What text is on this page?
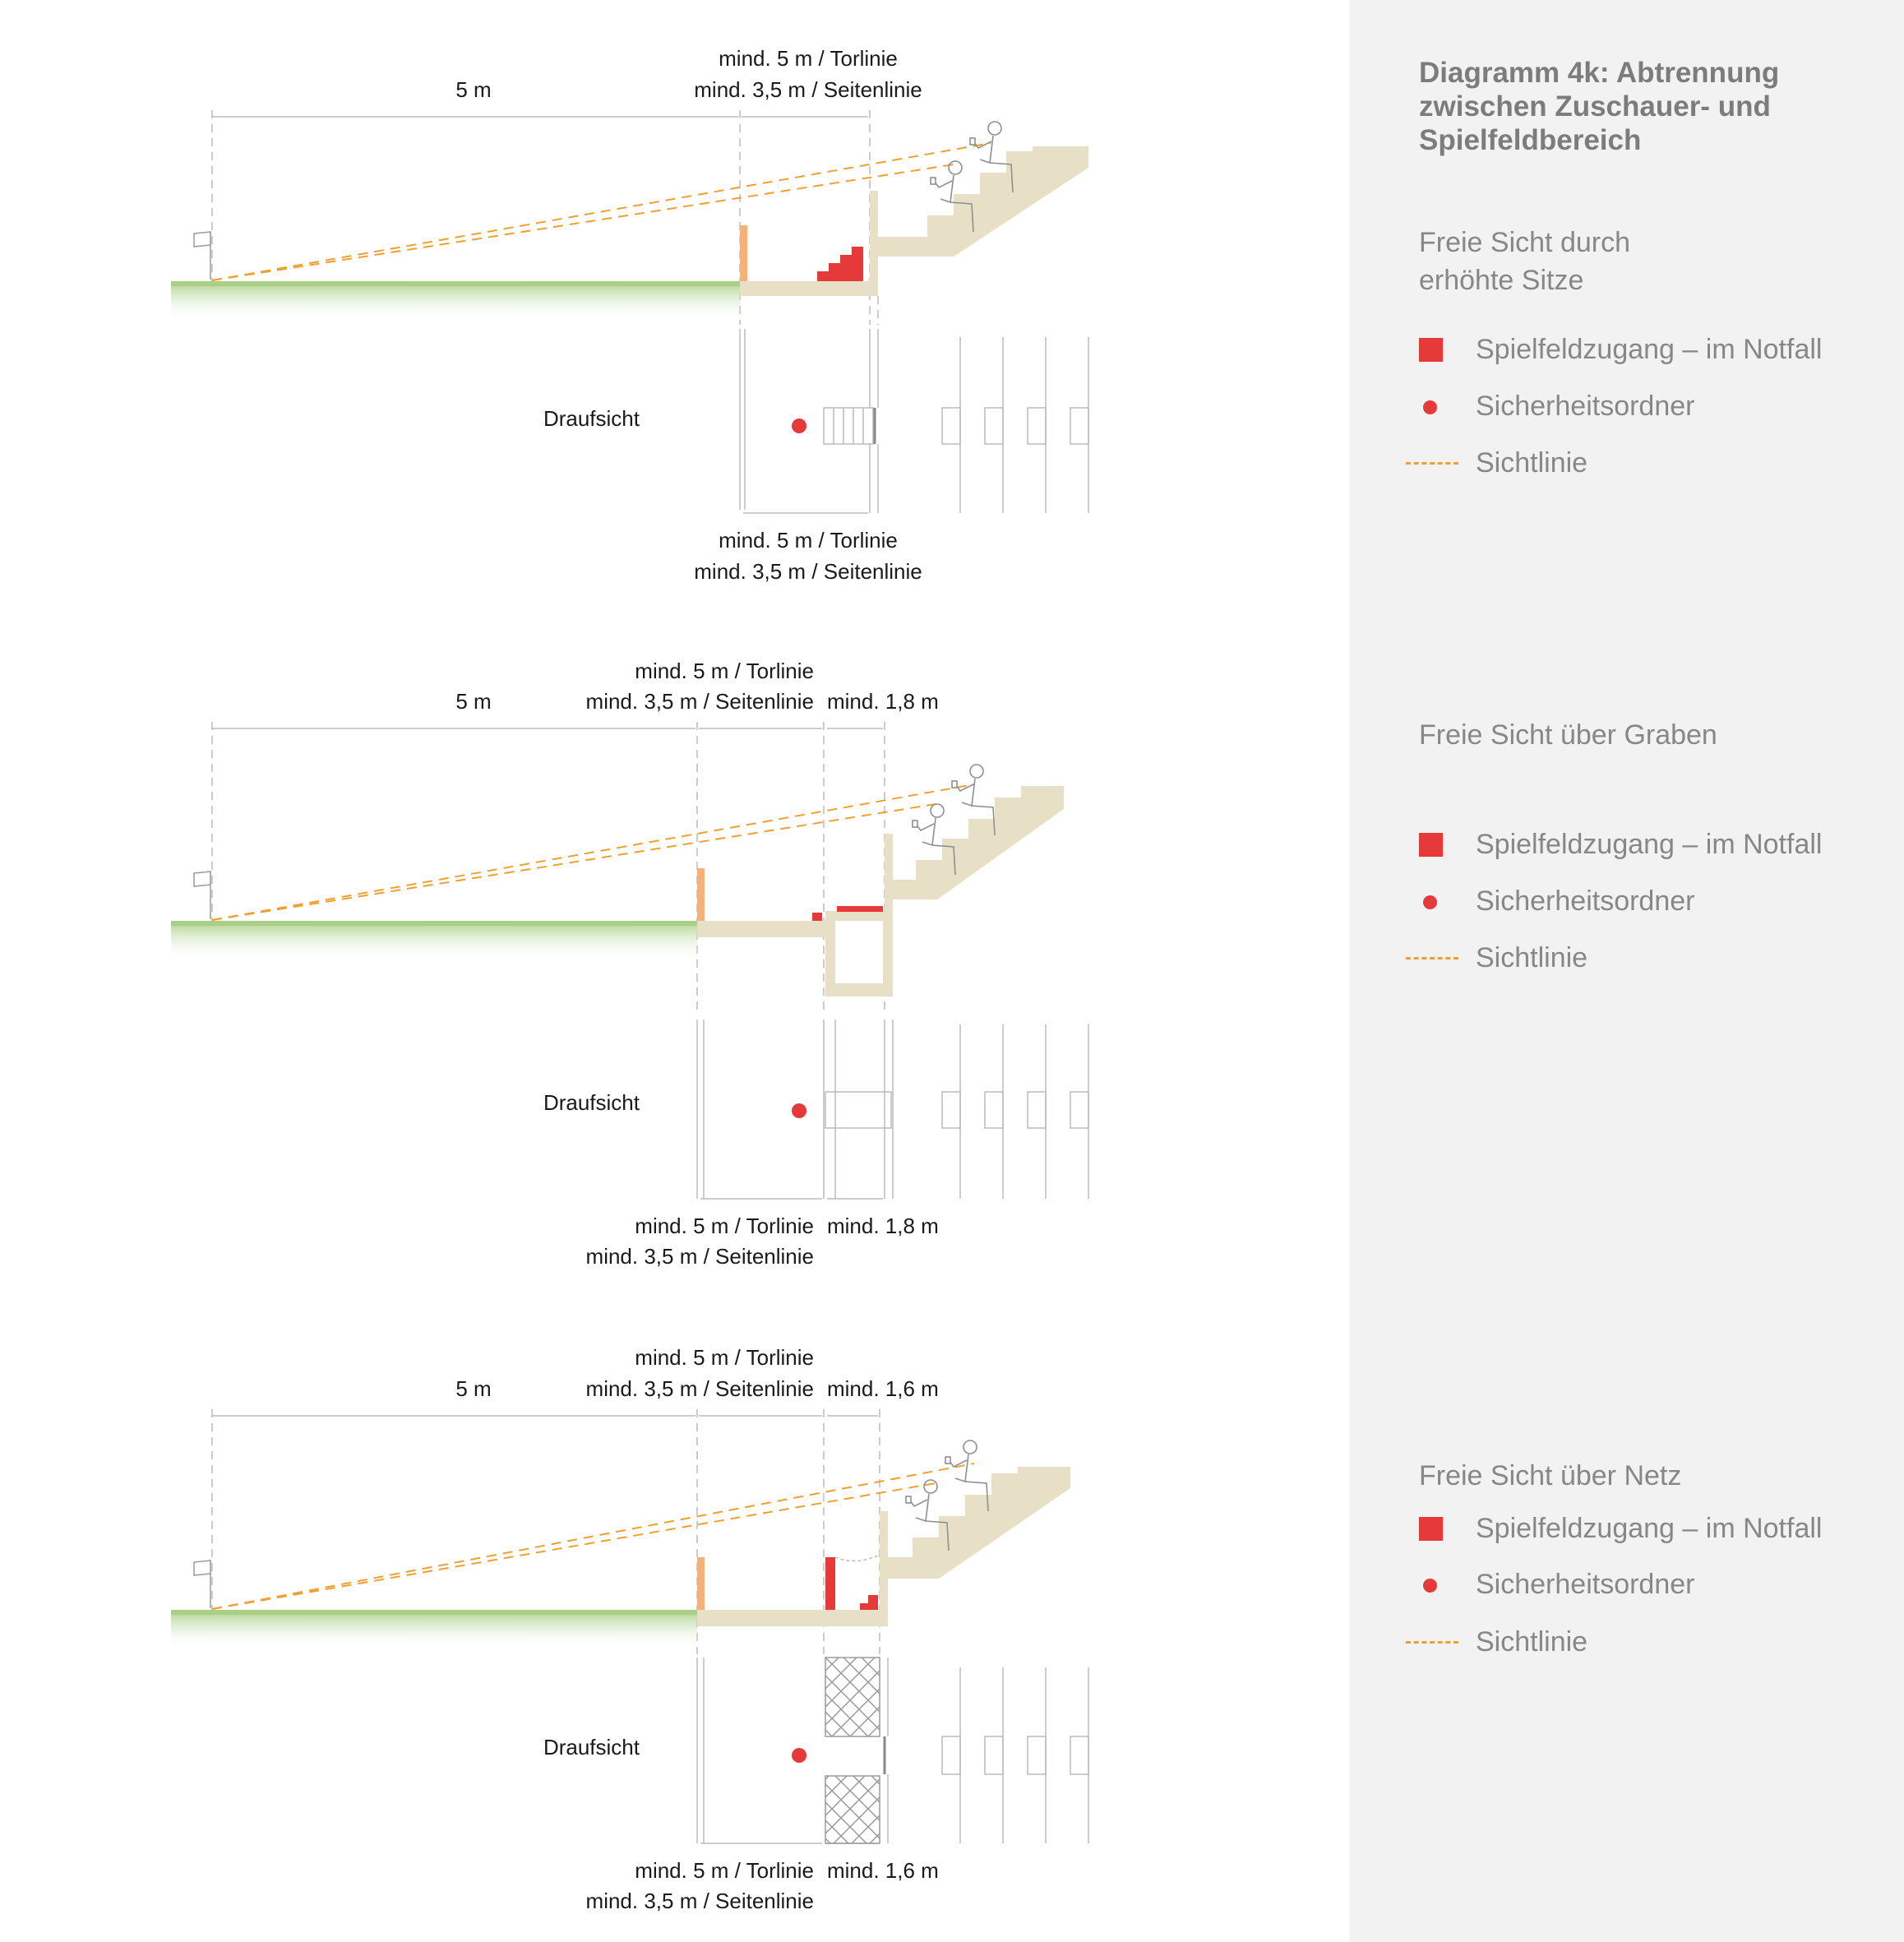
5 m
mind. 5 m / Torlinie
mind. 3,5 m / Seitenlinie
Draufsicht
mind. 5 m / Torlinie
mind. 3,5 m / Seitenlinie
5 m
mind. 5 m / Torlinie
mind. 3,5 m / Seitenlinie mind. 1,8 m
Draufsicht
mind. 5 m / Torlinie
mind. 3,5 m / Seitenlinie
mind. 1,8 m
5 m
mind. 5 m / Torlinie
mind. 3,5 m / Seitenlinie mind. 1,6 m
Draufsicht
mind. 5 m / Torlinie
mind. 3,5 m / Seitenlinie
mind. 1,6 m
Diagramm 4k: Abtrennung zwischen Zuschauer- und Spielfeldbereich

Freie Sicht durch erhöhte Sitze

Spielfeldzugang – im Notfall
Sicherheitsordner
Sichtlinie

Freie Sicht über Graben

Spielfeldzugang – im Notfall
Sicherheitsordner
Sichtlinie

Freie Sicht über Netz

Spielfeldzugang – im Notfall
Sicherheitsordner
Sichtlinie
